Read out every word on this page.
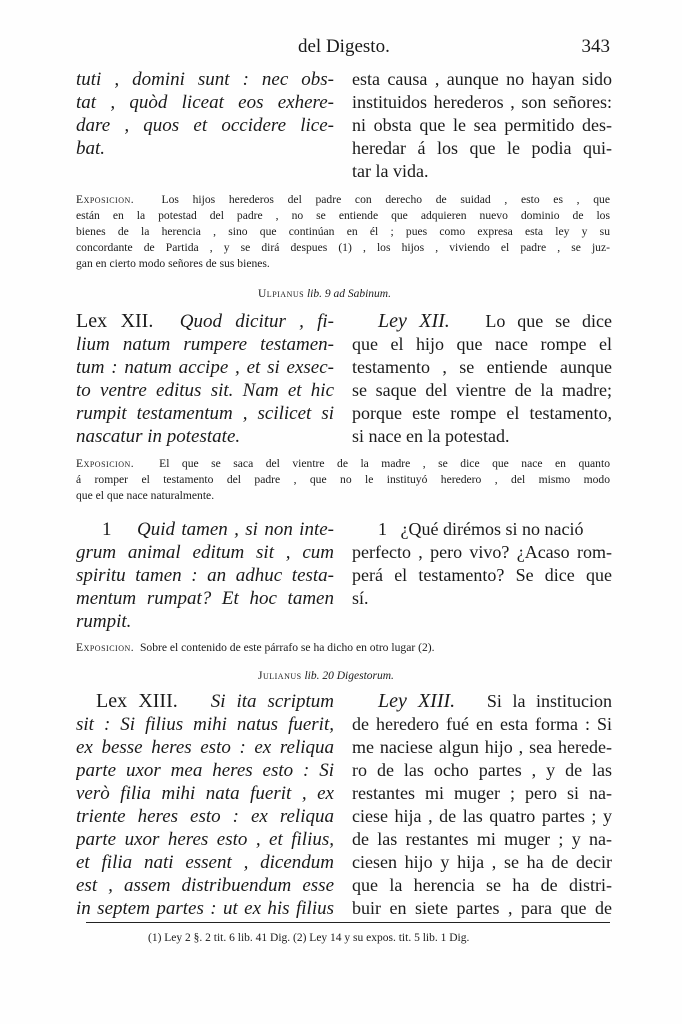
del Digesto.	343
tuti , domini sunt : nec obs-
tat , quòd liceat eos exhere-
dare , quos et occidere lice-
bat.
esta causa , aunque no hayan sido
instituidos herederos , son señores:
ni obsta que le sea permitido des-
heredar á los que le podia qui-
tar la vida.
Exposicion. Los hijos herederos del padre con derecho de suidad , esto es , que
están en la potestad del padre , no se entiende que adquieren nuevo dominio de los
bienes de la herencia , sino que continúan en él ; pues como expresa esta ley y su
concordante de Partida , y se dirá despues (1) , los hijos , viviendo el padre , se juz-
gan en cierto modo señores de sus bienes.
Ulpianus lib. 9 ad Sabinum.
Lex XII. Quod dicitur , fi-
lium natum rumpere testamen-
tum : natum accipe , et si exsec-
to ventre editus sit. Nam et hic
rumpit testamentum , scilicet si
nascatur in potestate.
Ley XII. Lo que se dice
que el hijo que nace rompe el
testamento , se entiende aunque
se saque del vientre de la madre;
porque este rompe el testamento,
si nace en la potestad.
Exposicion. El que se saca del vientre de la madre , se dice que nace en quanto
á romper el testamento del padre , que no le instituyó heredero , del mismo modo
que el que nace naturalmente.
1 Quid tamen , si non inte-
grum animal editum sit , cum
spiritu tamen : an adhuc testa-
mentum rumpat? Et hoc tamen
rumpit.
1 ¿Qué dirémos si no nació
perfecto , pero vivo? ¿Acaso rom-
perá el testamento? Se dice que
sí.
Exposicion. Sobre el contenido de este párrafo se ha dicho en otro lugar (2).
Julianus lib. 20 Digestorum.
Lex XIII. Si ita scriptum
sit : Si filius mihi natus fuerit,
ex besse heres esto : ex reliqua
parte uxor mea heres esto : Si
verò filia mihi nata fuerit , ex
triente heres esto : ex reliqua
parte uxor heres esto , et filius,
et filia nati essent , dicendum
est , assem distribuendum esse
in septem partes : ut ex his filius
Ley XIII. Si la institucion
de heredero fué en esta forma : Si
me naciese algun hijo , sea herede-
ro de las ocho partes , y de las
restantes mi muger ; pero si na-
ciese hija , de las quatro partes ; y
de las restantes mi muger ; y na-
ciesen hijo y hija , se ha de decir
que la herencia se ha de distri-
buir en siete partes , para que de
(1) Ley 2 §. 2 tit. 6 lib. 41 Dig. (2) Ley 14 y su expos. tit. 5 lib. 1 Dig.
